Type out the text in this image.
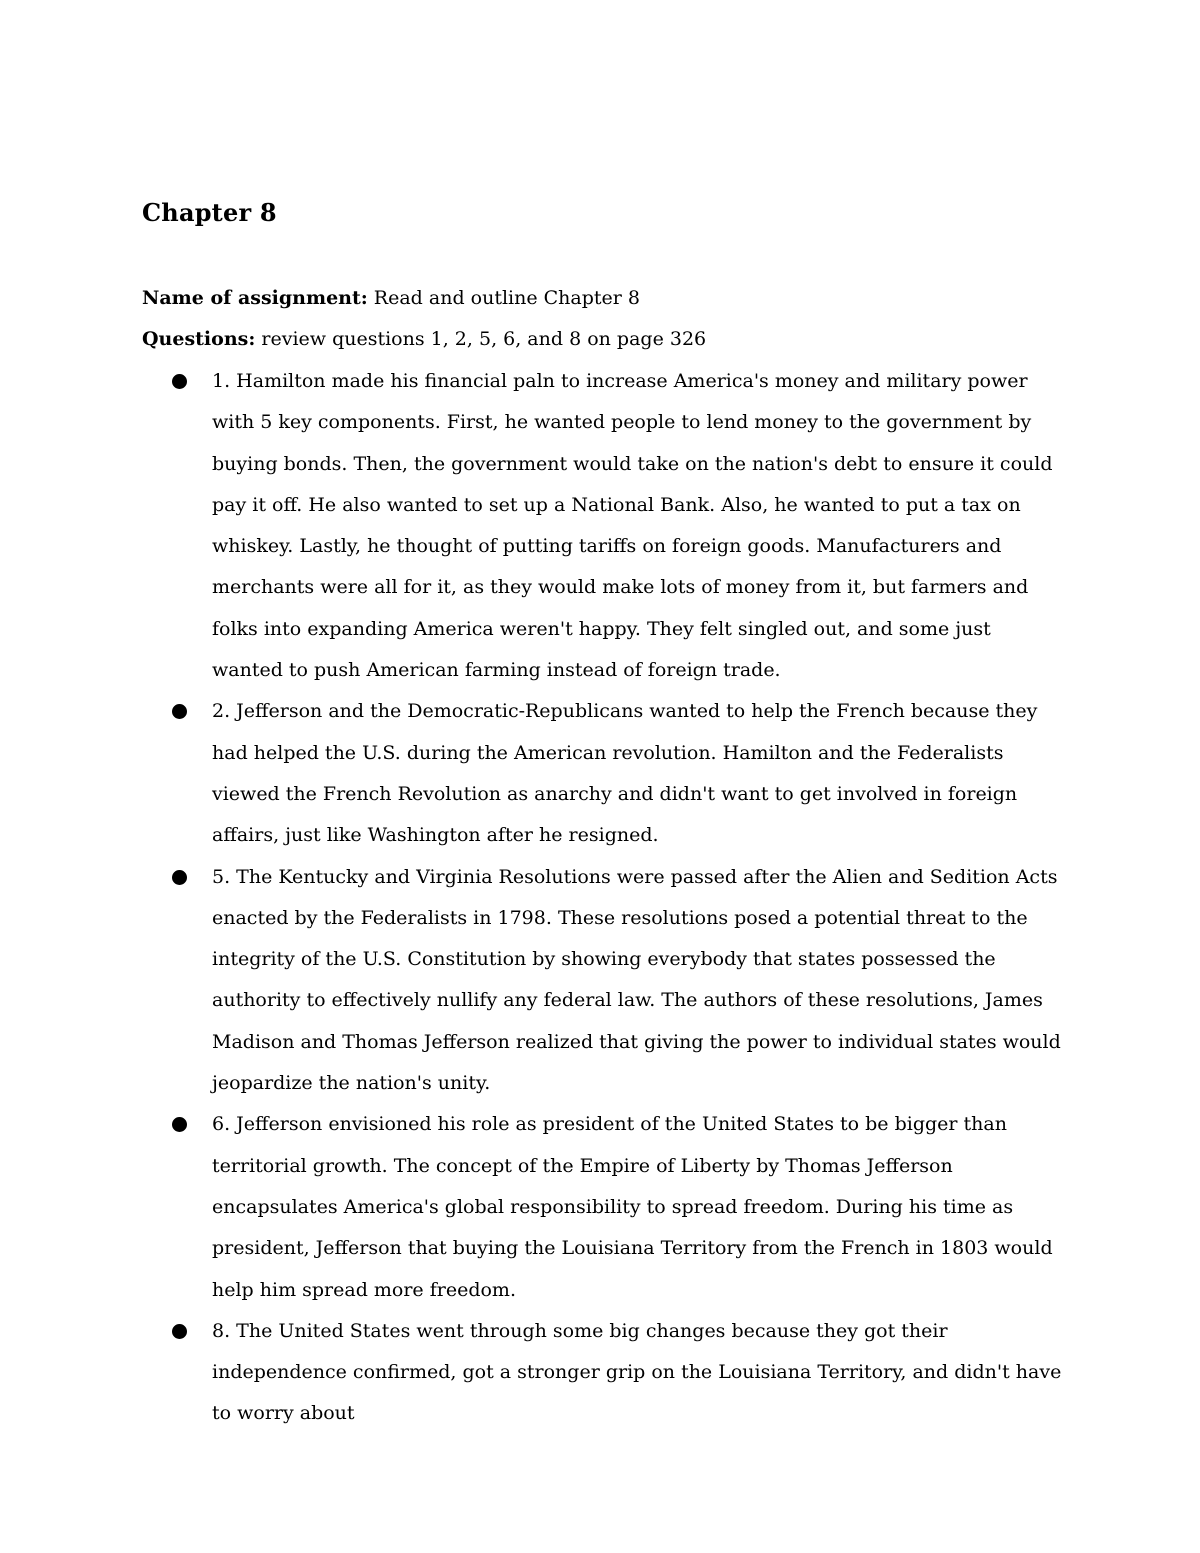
Chapter 8

Name of assignment: Read and outline Chapter 8

Questions: review questions 1, 2, 5, 6, and 8 on page 326

1. Hamilton made his financial paln to increase America's money and military power with 5 key components. First, he wanted people to lend money to the government by buying bonds. Then, the government would take on the nation's debt to ensure it could pay it off. He also wanted to set up a National Bank. Also, he wanted to put a tax on whiskey. Lastly, he thought of putting tariffs on foreign goods. Manufacturers and merchants were all for it, as they would make lots of money from it, but farmers and folks into expanding America weren't happy. They felt singled out, and some just wanted to push American farming instead of foreign trade.
2. Jefferson and the Democratic-Republicans wanted to help the French because they had helped the U.S. during the American revolution. Hamilton and the Federalists viewed the French Revolution as anarchy and didn't want to get involved in foreign affairs, just like Washington after he resigned.
5. The Kentucky and Virginia Resolutions were passed after the Alien and Sedition Acts enacted by the Federalists in 1798. These resolutions posed a potential threat to the integrity of the U.S. Constitution by showing everybody that states possessed the authority to effectively nullify any federal law. The authors of these resolutions, James Madison and Thomas Jefferson realized that giving the power to individual states would jeopardize the nation's unity.
6. Jefferson envisioned his role as president of the United States to be bigger than territorial growth. The concept of the Empire of Liberty by Thomas Jefferson encapsulates America's global responsibility to spread freedom. During his time as president, Jefferson that buying the Louisiana Territory from the French in 1803 would help him spread more freedom.
8. The United States went through some big changes because they got their independence confirmed, got a stronger grip on the Louisiana Territory, and didn't have to worry about
